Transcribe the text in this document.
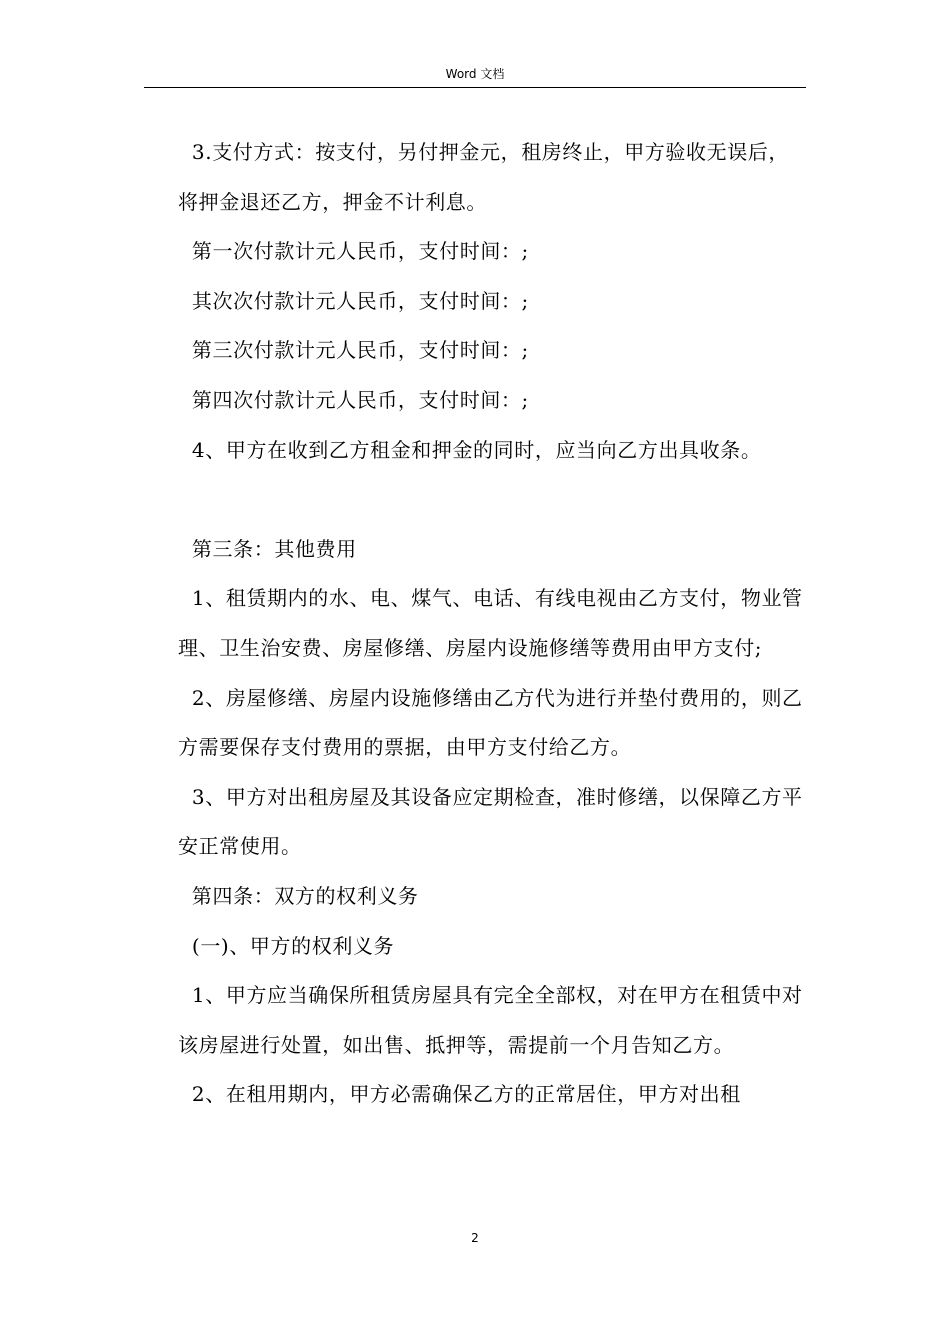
Word 文档

3.支付方式：按支付，另付押金元，租房终止，甲方验收无误后，将押金退还乙方，押金不计利息。

第一次付款计元人民币，支付时间：;

其次次付款计元人民币，支付时间：;

第三次付款计元人民币，支付时间：;

第四次付款计元人民币，支付时间：;

4、甲方在收到乙方租金和押金的同时，应当向乙方出具收条。

第三条：其他费用

1、租赁期内的水、电、煤气、电话、有线电视由乙方支付，物业管理、卫生治安费、房屋修缮、房屋内设施修缮等费用由甲方支付;

2、房屋修缮、房屋内设施修缮由乙方代为进行并垫付费用的，则乙方需要保存支付费用的票据，由甲方支付给乙方。

3、甲方对出租房屋及其设备应定期检查，准时修缮，以保障乙方平安正常使用。

第四条：双方的权利义务

(一)、甲方的权利义务

1、甲方应当确保所租赁房屋具有完全全部权，对在甲方在租赁中对该房屋进行处置，如出售、抵押等，需提前一个月告知乙方。

2、在租用期内，甲方必需确保乙方的正常居住，甲方对出租

2
